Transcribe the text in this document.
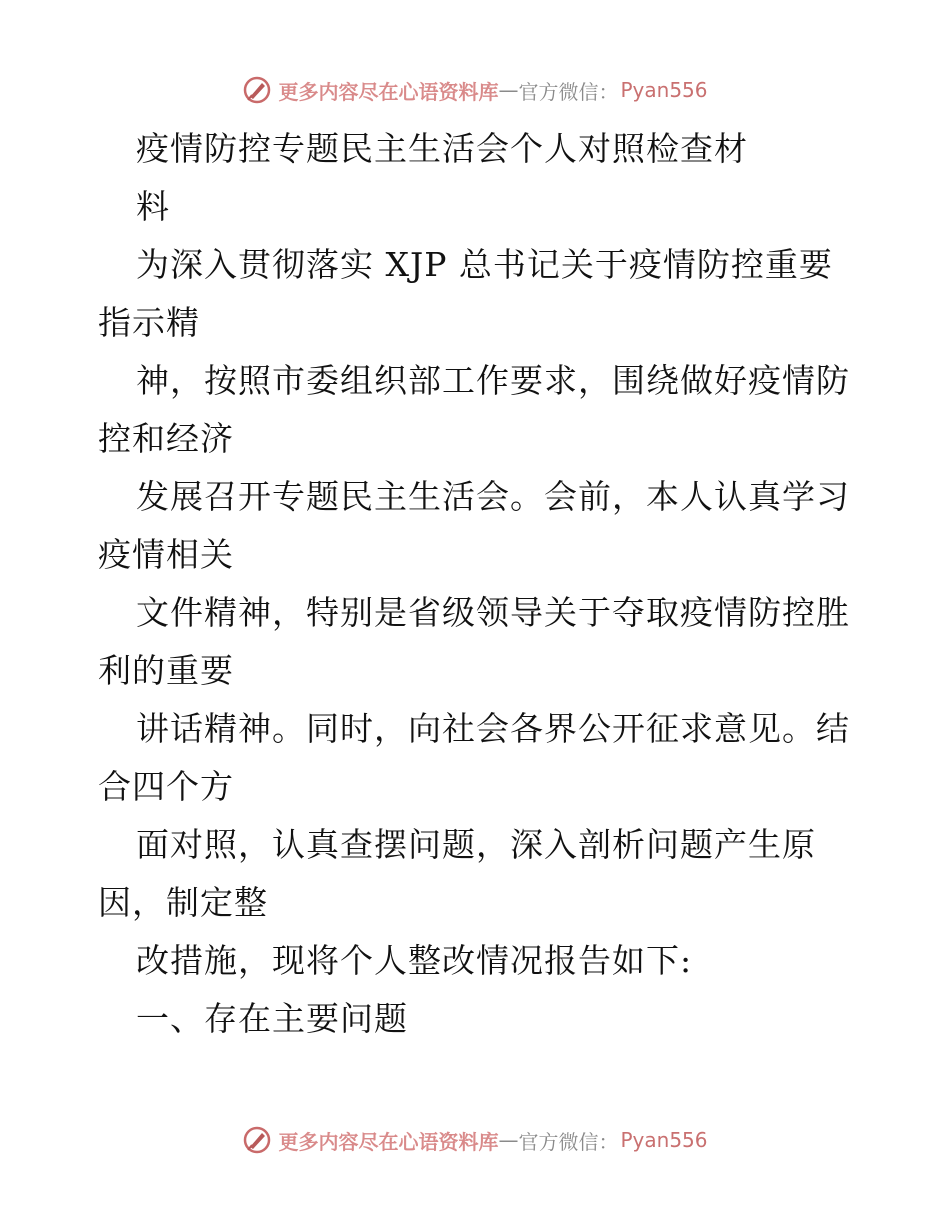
更多内容尽在心语资料库 — 官方微信： Pyan556
疫情防控专题民主生活会个人对照检查材
料
为深入贯彻落实 XJP 总书记关于疫情防控重要
指示精
神，按照市委组织部工作要求，围绕做好疫情防
控和经济
发展召开专题民主生活会。会前，本人认真学习
疫情相关
文件精神，特别是省级领导关于夺取疫情防控胜
利的重要
讲话精神。同时，向社会各界公开征求意见。结
合四个方
面对照，认真查摆问题，深入剖析问题产生原
因，制定整
改措施，现将个人整改情况报告如下:
一、存在主要问题
更多内容尽在心语资料库 — 官方微信： Pyan556
